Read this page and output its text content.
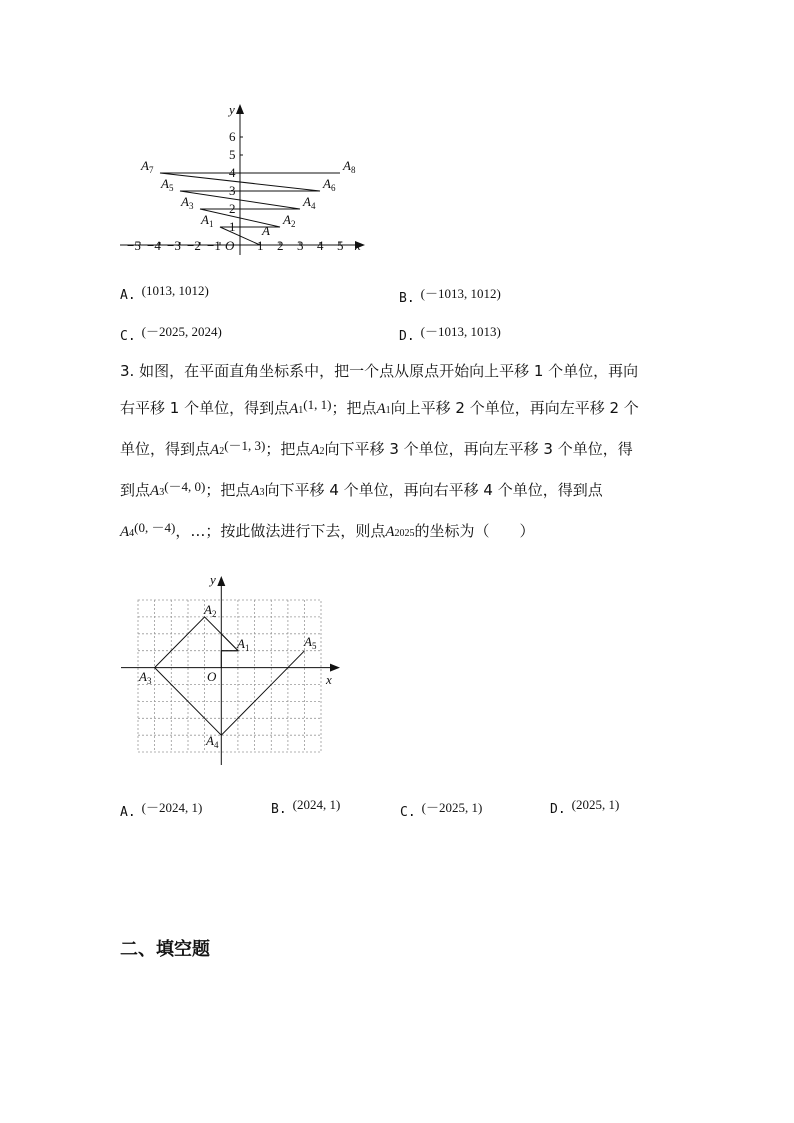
−5 −4 −3 −2 −1 O 1 2 3 4 5 x
1
2
3
4
5
6
y
A
$A_1$	$A_2$
$A_3$	$A_4$
$A_5$	$A_6$
$A_7$	$A_8$
A. (1013, 1012)
B. (－1013, 1012)
C. (－2025, 2024)	D. (－1013, 1013)
3. 如图，在平面直角坐标系中，把一个点从原点开始向上平移 1 个单位，再向
右平移 1 个单位，得到点A1(1, 1)；把点A1向上平移 2 个单位，再向左平移 2 个
单位，得到点A2(－1, 3)；把点A2向下平移 3 个单位，再向左平移 3 个单位，得
到点A3(－4, 0)；把点A3向下平移 4 个单位，再向右平移 4 个单位，得到点
A4(0, －4)，…；按此做法进行下去，则点A2025的坐标为（　　）
y
x
O
$A_2$
$A_1$	$A_5$
$A_3$
$A_4$
A. (－2024, 1)	B. (2024, 1)
C. (－2025, 1)	D. (2025, 1)
二、填空题
